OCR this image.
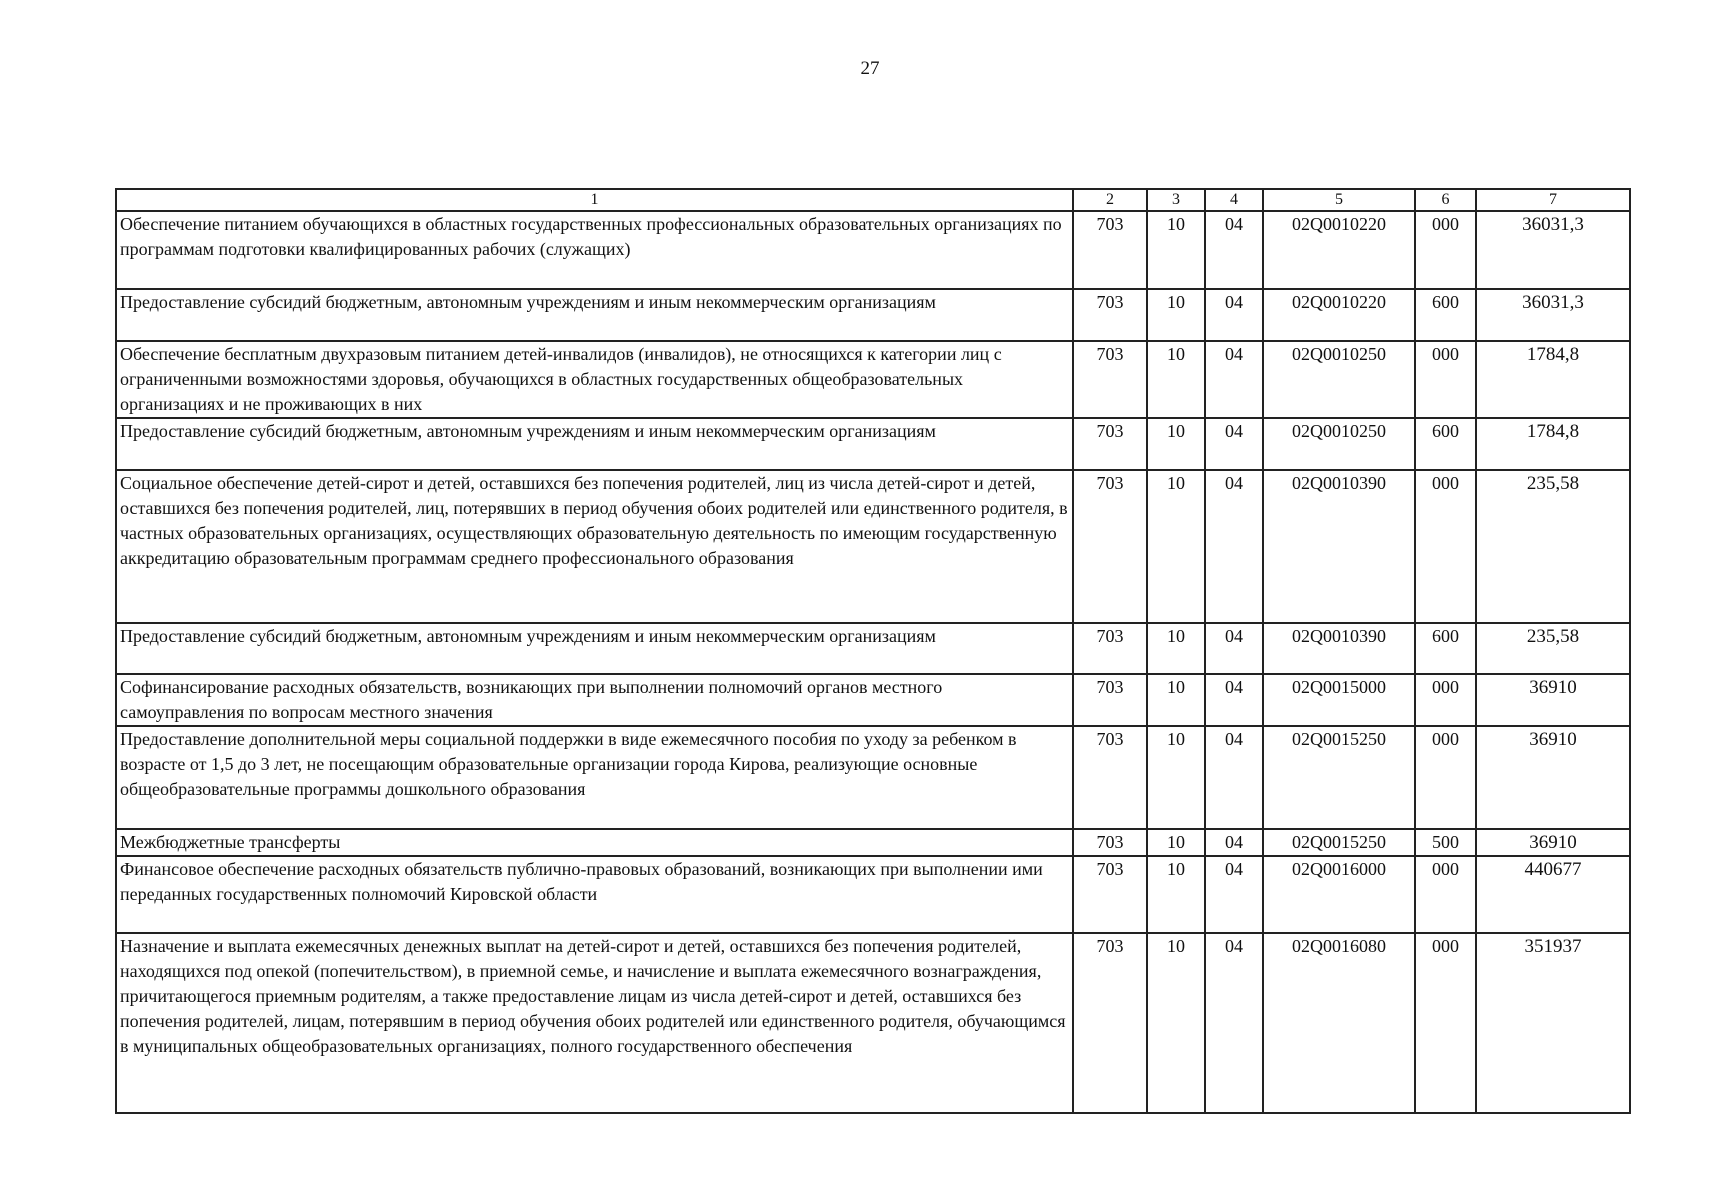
27
1	2	3	4	5	6	7
Обеспечение питанием обучающихся в областных государственных профессиональных образовательных организациях по программам подготовки квалифицированных рабочих (служащих)	703	10	04	02Q0010220	000	36031,3
Предоставление субсидий бюджетным, автономным учреждениям и иным некоммерческим организациям	703	10	04	02Q0010220	600	36031,3
Обеспечение бесплатным двухразовым питанием детей-инвалидов (инвалидов), не относящихся к категории лиц с ограниченными возможностями здоровья, обучающихся в областных государственных общеобразовательных организациях и не проживающих в них	703	10	04	02Q0010250	000	1784,8
Предоставление субсидий бюджетным, автономным учреждениям и иным некоммерческим организациям	703	10	04	02Q0010250	600	1784,8
Социальное обеспечение детей-сирот и детей, оставшихся без попечения родителей, лиц из числа детей-сирот и детей, оставшихся без попечения родителей, лиц, потерявших в период обучения обоих родителей или единственного родителя, в частных образовательных организациях, осуществляющих образовательную деятельность по имеющим государственную аккредитацию образовательным программам среднего профессионального образования	703	10	04	02Q0010390	000	235,58
Предоставление субсидий бюджетным, автономным учреждениям и иным некоммерческим организациям	703	10	04	02Q0010390	600	235,58
Софинансирование расходных обязательств, возникающих при выполнении полномочий органов местного самоуправления по вопросам местного значения	703	10	04	02Q0015000	000	36910
Предоставление дополнительной меры социальной поддержки в виде ежемесячного пособия по уходу за ребенком в возрасте от 1,5 до 3 лет, не посещающим образовательные организации города Кирова, реализующие основные общеобразовательные программы дошкольного образования	703	10	04	02Q0015250	000	36910
Межбюджетные трансферты	703	10	04	02Q0015250	500	36910
Финансовое обеспечение расходных обязательств публично-правовых образований, возникающих при выполнении ими переданных государственных полномочий Кировской области	703	10	04	02Q0016000	000	440677
Назначение и выплата ежемесячных денежных выплат на детей-сирот и детей, оставшихся без попечения родителей, находящихся под опекой (попечительством), в приемной семье, и начисление и выплата ежемесячного вознаграждения, причитающегося приемным родителям, а также предоставление лицам из числа детей-сирот и детей, оставшихся без попечения родителей, лицам, потерявшим в период обучения обоих родителей или единственного родителя, обучающимся в муниципальных общеобразовательных организациях, полного государственного обеспечения	703	10	04	02Q0016080	000	351937
